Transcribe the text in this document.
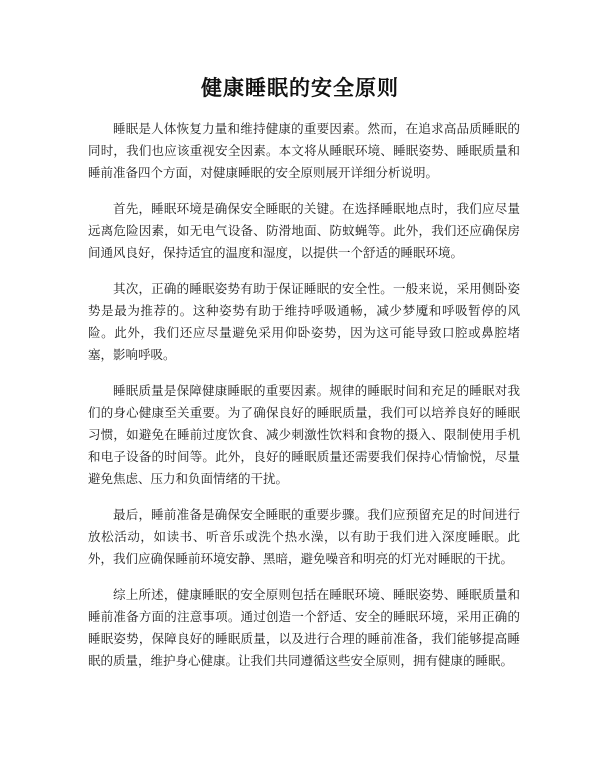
健康睡眠的安全原则

睡眠是人体恢复力量和维持健康的重要因素。然而，在追求高品质睡眠的同时，我们也应该重视安全因素。本文将从睡眠环境、睡眠姿势、睡眠质量和睡前准备四个方面，对健康睡眠的安全原则展开详细分析说明。

首先，睡眠环境是确保安全睡眠的关键。在选择睡眠地点时，我们应尽量远离危险因素，如无电气设备、防滑地面、防蚊蝇等。此外，我们还应确保房间通风良好，保持适宜的温度和湿度，以提供一个舒适的睡眠环境。

其次，正确的睡眠姿势有助于保证睡眠的安全性。一般来说，采用侧卧姿势是最为推荐的。这种姿势有助于维持呼吸通畅，减少梦魇和呼吸暂停的风险。此外，我们还应尽量避免采用仰卧姿势，因为这可能导致口腔或鼻腔堵塞，影响呼吸。

睡眠质量是保障健康睡眠的重要因素。规律的睡眠时间和充足的睡眠对我们的身心健康至关重要。为了确保良好的睡眠质量，我们可以培养良好的睡眠习惯，如避免在睡前过度饮食、减少刺激性饮料和食物的摄入、限制使用手机和电子设备的时间等。此外，良好的睡眠质量还需要我们保持心情愉悦，尽量避免焦虑、压力和负面情绪的干扰。

最后，睡前准备是确保安全睡眠的重要步骤。我们应预留充足的时间进行放松活动，如读书、听音乐或洗个热水澡，以有助于我们进入深度睡眠。此外，我们应确保睡前环境安静、黑暗，避免噪音和明亮的灯光对睡眠的干扰。

综上所述，健康睡眠的安全原则包括在睡眠环境、睡眠姿势、睡眠质量和睡前准备方面的注意事项。通过创造一个舒适、安全的睡眠环境，采用正确的睡眠姿势，保障良好的睡眠质量，以及进行合理的睡前准备，我们能够提高睡眠的质量，维护身心健康。让我们共同遵循这些安全原则，拥有健康的睡眠。
